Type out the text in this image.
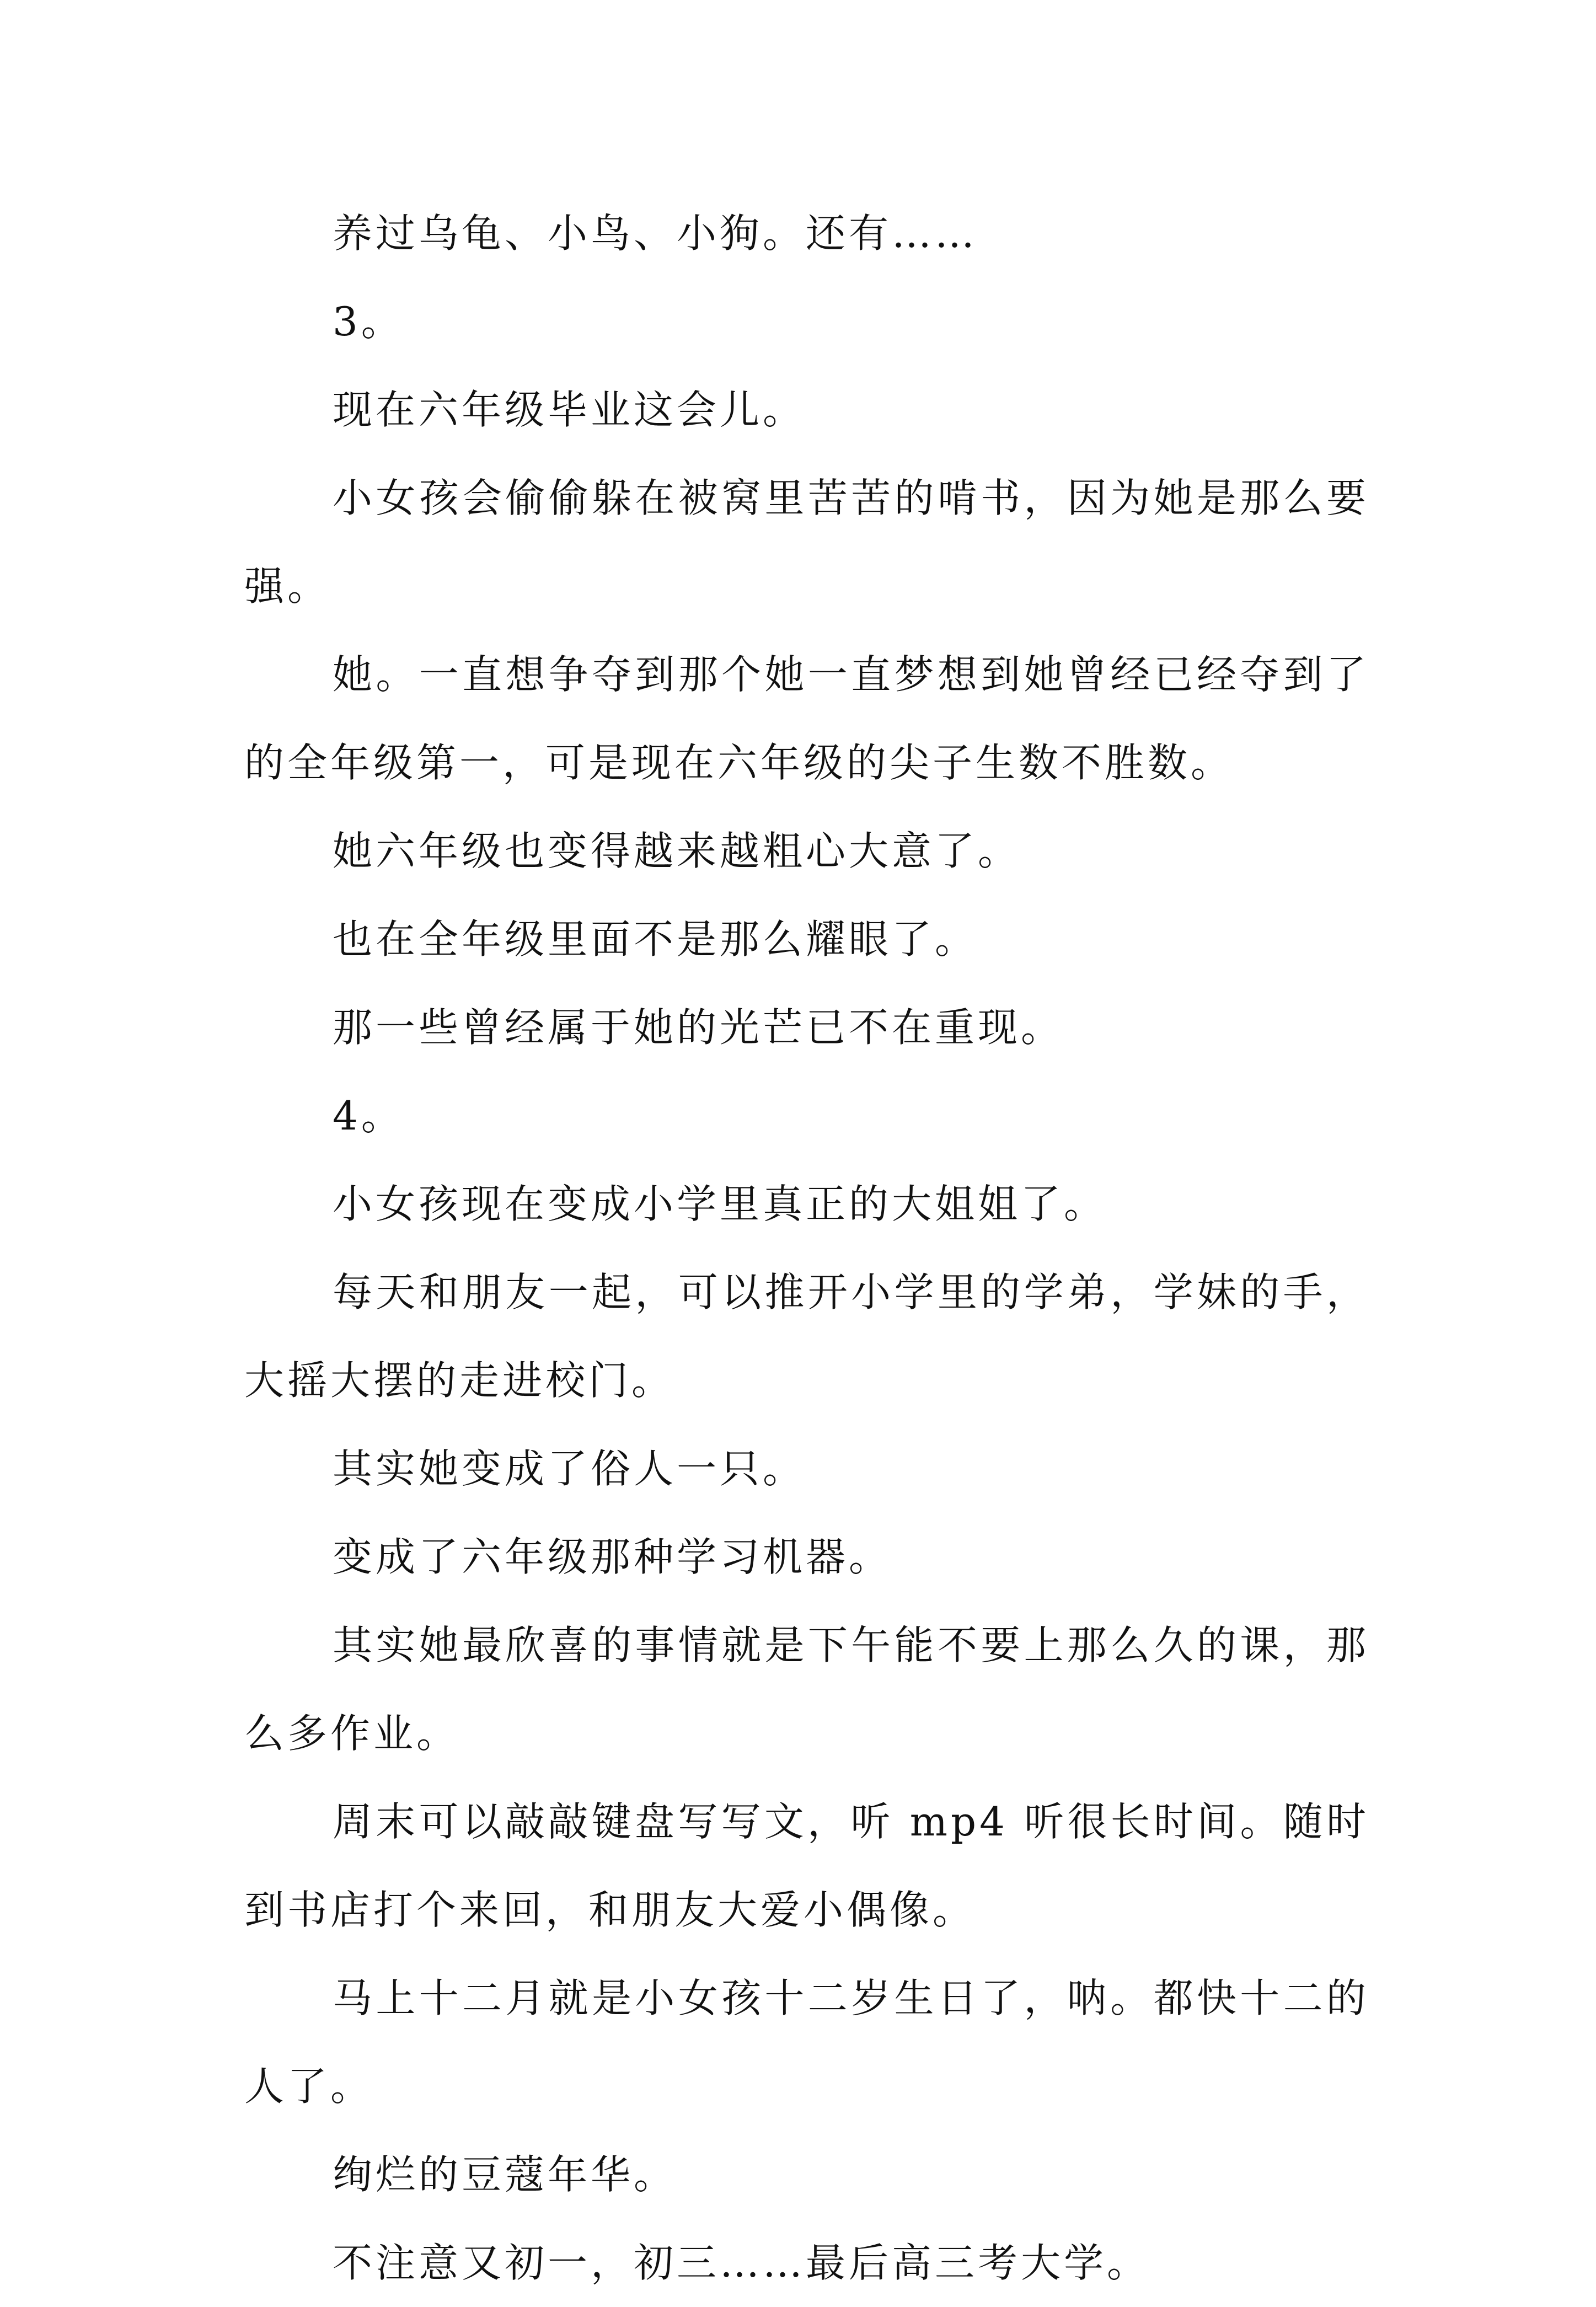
养过乌龟、小鸟、小狗。还有……

3。

现在六年级毕业这会儿。

小女孩会偷偷躲在被窝里苦苦的啃书，因为她是那么要强。

她。一直想争夺到那个她一直梦想到她曾经已经夺到了的全年级第一，可是现在六年级的尖子生数不胜数。

她六年级也变得越来越粗心大意了。

也在全年级里面不是那么耀眼了。

那一些曾经属于她的光芒已不在重现。

4。

小女孩现在变成小学里真正的大姐姐了。

每天和朋友一起，可以推开小学里的学弟，学妹的手，大摇大摆的走进校门。

其实她变成了俗人一只。

变成了六年级那种学习机器。

其实她最欣喜的事情就是下午能不要上那么久的课，那么多作业。

周末可以敲敲键盘写写文，听 mp4 听很长时间。随时到书店打个来回，和朋友大爱小偶像。

马上十二月就是小女孩十二岁生日了，呐。都快十二的人了。

绚烂的豆蔻年华。

不注意又初一，初三……最后高三考大学。
